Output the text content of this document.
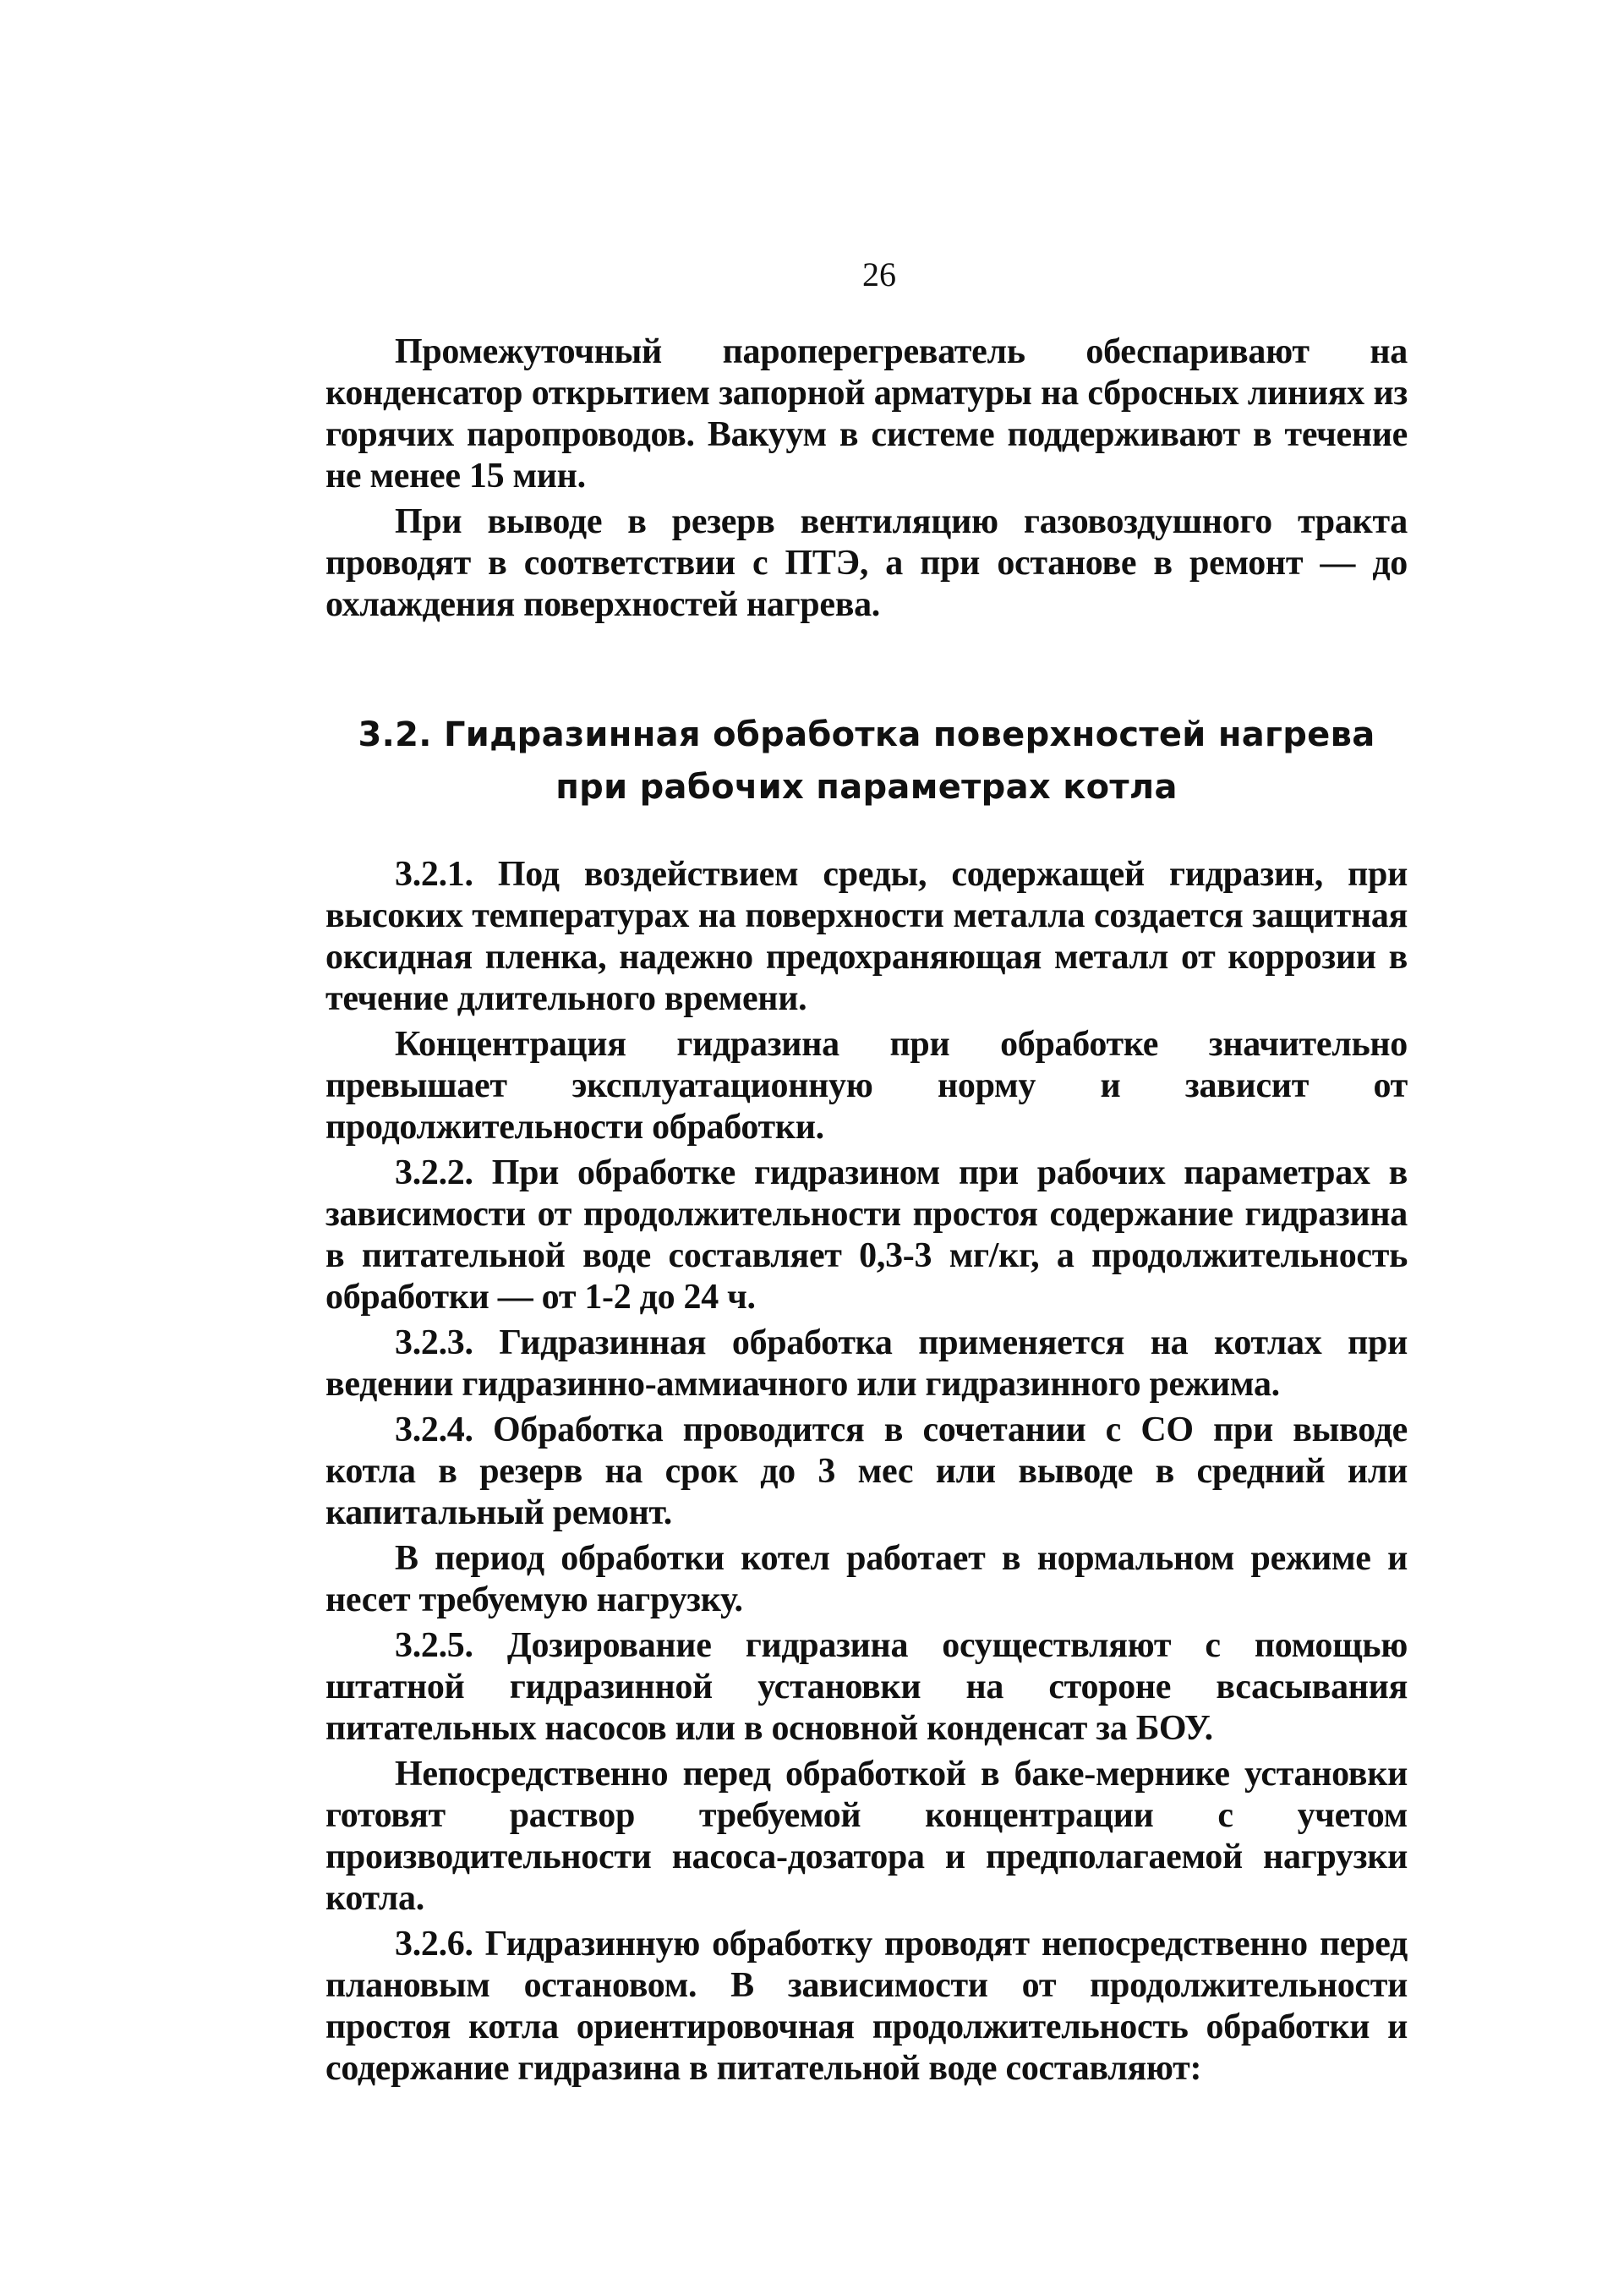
26

Промежуточный пароперегреватель обеспаривают на конденсатор открытием запорной арматуры на сбросных линиях из горячих паропроводов. Вакуум в системе поддерживают в течение не менее 15 мин.

При выводе в резерв вентиляцию газовоздушного тракта проводят в соответствии с ПТЭ, а при останове в ремонт — до охлаждения поверхностей нагрева.

3.2. Гидразинная обработка поверхностей нагрева
при рабочих параметрах котла

3.2.1. Под воздействием среды, содержащей гидразин, при высоких температурах на поверхности металла создается защитная оксидная пленка, надежно предохраняющая металл от коррозии в течение длительного времени.

Концентрация гидразина при обработке значительно превышает эксплуатационную норму и зависит от продолжительности обработки.

3.2.2. При обработке гидразином при рабочих параметрах в зависимости от продолжительности простоя содержание гидразина в питательной воде составляет 0,3-3 мг/кг, а продолжительность обработки — от 1-2 до 24 ч.

3.2.3. Гидразинная обработка применяется на котлах при ведении гидразинно-аммиачного или гидразинного режима.

3.2.4. Обработка проводится в сочетании с СО при выводе котла в резерв на срок до 3 мес или выводе в средний или капитальный ремонт.

В период обработки котел работает в нормальном режиме и несет требуемую нагрузку.

3.2.5. Дозирование гидразина осуществляют с помощью штатной гидразинной установки на стороне всасывания питательных насосов или в основной конденсат за БОУ.

Непосредственно перед обработкой в баке-мернике установки готовят раствор требуемой концентрации с учетом производительности насоса-дозатора и предполагаемой нагрузки котла.

3.2.6. Гидразинную обработку проводят непосредственно перед плановым остановом. В зависимости от продолжительности простоя котла ориентировочная продолжительность обработки и содержание гидразина в питательной воде составляют:
